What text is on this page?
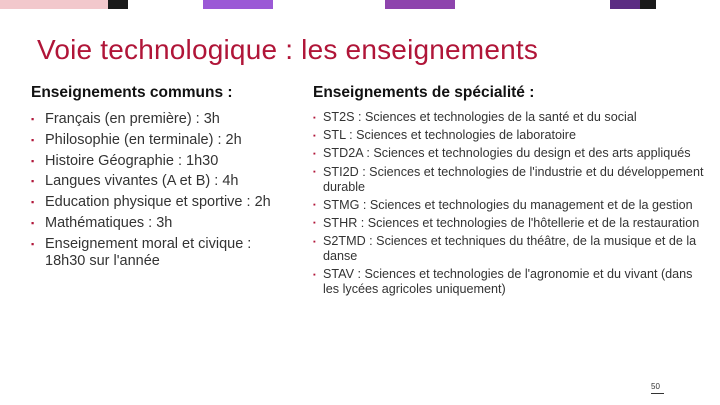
Voie technologique : les enseignements
Enseignements communs :
▪ Français (en première) : 3h
▪ Philosophie (en terminale) : 2h
▪ Histoire Géographie : 1h30
▪ Langues vivantes (A et B) : 4h
▪ Education physique et sportive : 2h
▪ Mathématiques : 3h
▪ Enseignement moral et civique : 18h30 sur l'année
Enseignements de spécialité :
▪ ST2S : Sciences et technologies de la santé et du social
▪ STL : Sciences et technologies de laboratoire
▪ STD2A : Sciences et technologies du design et des arts appliqués
▪ STI2D : Sciences et technologies de l'industrie et du développement durable
▪ STMG : Sciences et technologies du management et de la gestion
▪ STHR : Sciences et technologies de l'hôtellerie et de la restauration
▪ S2TMD : Sciences et techniques du théâtre, de la musique et de la danse
▪ STAV : Sciences et technologies de l'agronomie et du vivant (dans les lycées agricoles uniquement)
50
